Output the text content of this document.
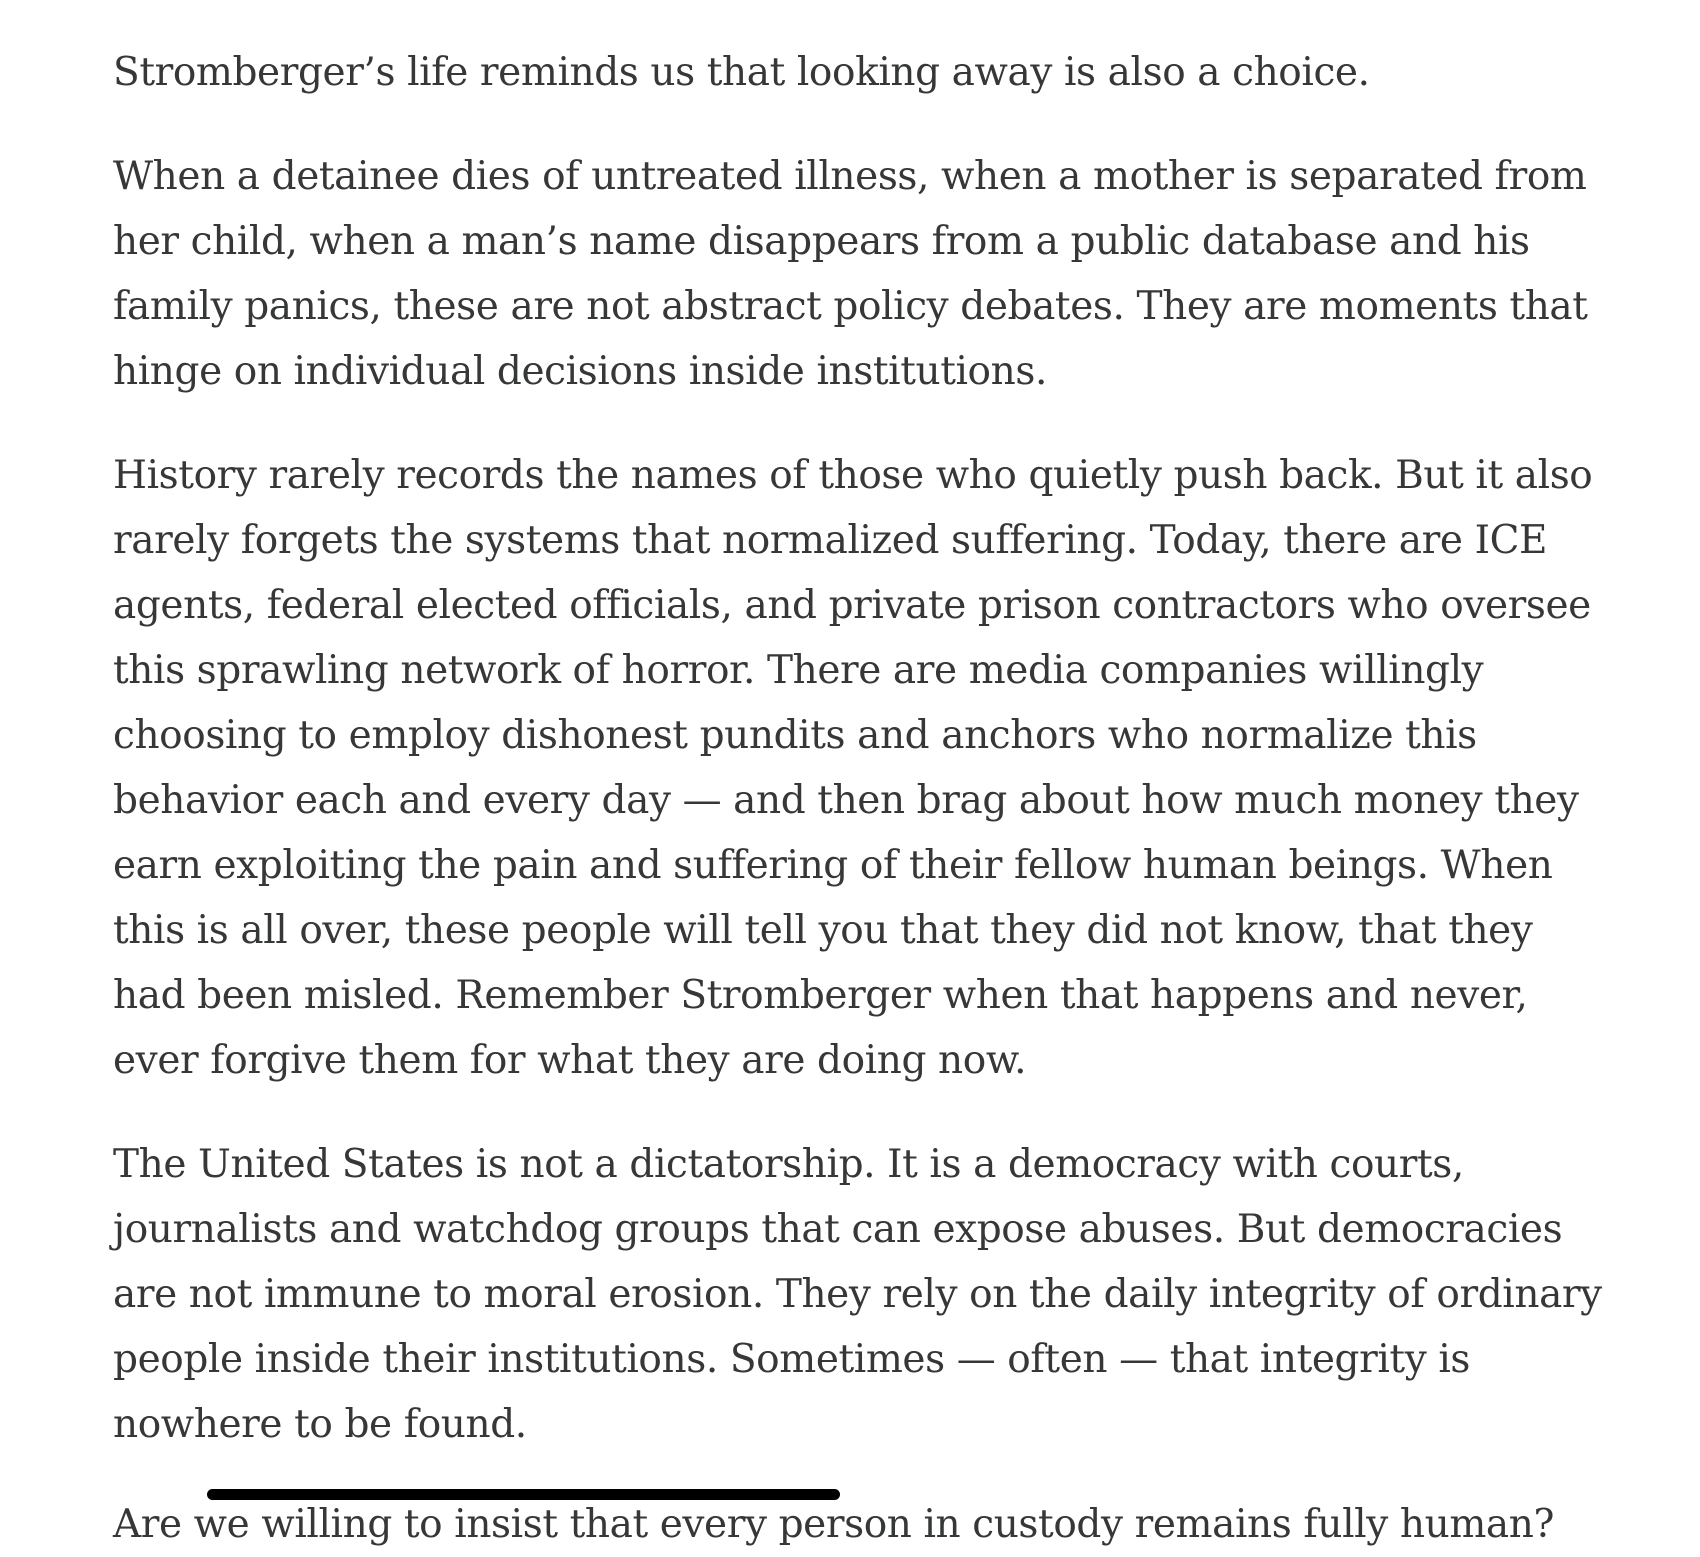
Stromberger’s life reminds us that looking away is also a choice.

When a detainee dies of untreated illness, when a mother is separated from her child, when a man’s name disappears from a public database and his family panics, these are not abstract policy debates. They are moments that hinge on individual decisions inside institutions.

History rarely records the names of those who quietly push back. But it also rarely forgets the systems that normalized suffering. Today, there are ICE agents, federal elected officials, and private prison contractors who oversee this sprawling network of horror. There are media companies willingly choosing to employ dishonest pundits and anchors who normalize this behavior each and every day — and then brag about how much money they earn exploiting the pain and suffering of their fellow human beings. When this is all over, these people will tell you that they did not know, that they had been misled. Remember Stromberger when that happens and never, ever forgive them for what they are doing now.

The United States is not a dictatorship. It is a democracy with courts, journalists and watchdog groups that can expose abuses. But democracies are not immune to moral erosion. They rely on the daily integrity of ordinary people inside their institutions. Sometimes — often — that integrity is nowhere to be found.

Are we willing to insist that every person in custody remains fully human?
